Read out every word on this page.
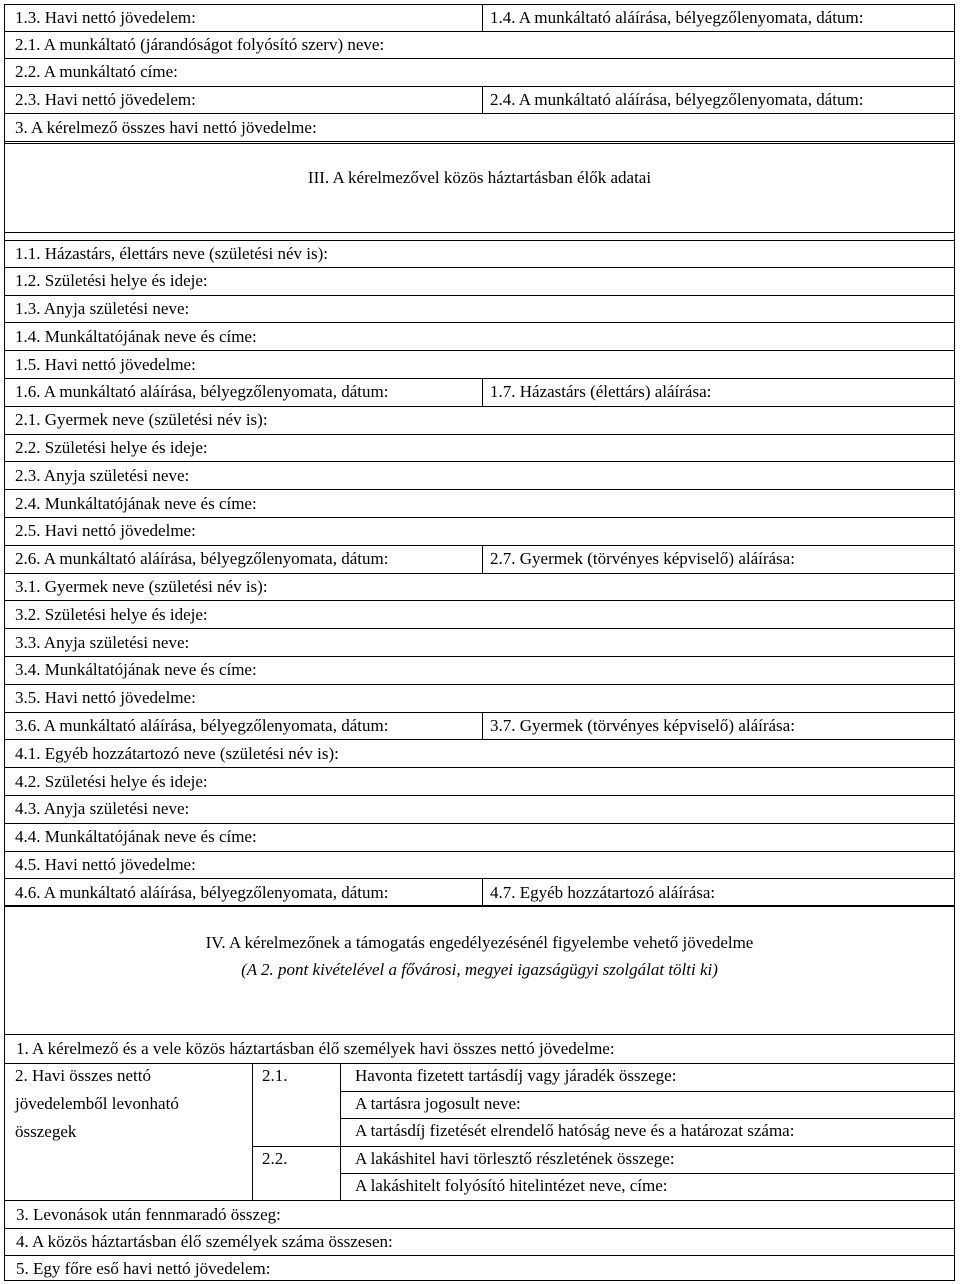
1.3. Havi nettó jövedelem:	1.4. A munkáltató aláírása, bélyegzőlenyomata, dátum:
2.1. A munkáltató (járandóságot folyósító szerv) neve:
2.2. A munkáltató címe:
2.3. Havi nettó jövedelem:	2.4. A munkáltató aláírása, bélyegzőlenyomata, dátum:
3. A kérelmező összes havi nettó jövedelme:
III. A kérelmezővel közös háztartásban élők adatai
1.1. Házastárs, élettárs neve (születési név is):
1.2. Születési helye és ideje:
1.3. Anyja születési neve:
1.4. Munkáltatójának neve és címe:
1.5. Havi nettó jövedelme:
1.6. A munkáltató aláírása, bélyegzőlenyomata, dátum:	1.7. Házastárs (élettárs) aláírása:
2.1. Gyermek neve (születési név is):
2.2. Születési helye és ideje:
2.3. Anyja születési neve:
2.4. Munkáltatójának neve és címe:
2.5. Havi nettó jövedelme:
2.6. A munkáltató aláírása, bélyegzőlenyomata, dátum:	2.7. Gyermek (törvényes képviselő) aláírása:
3.1. Gyermek neve (születési név is):
3.2. Születési helye és ideje:
3.3. Anyja születési neve:
3.4. Munkáltatójának neve és címe:
3.5. Havi nettó jövedelme:
3.6. A munkáltató aláírása, bélyegzőlenyomata, dátum:	3.7. Gyermek (törvényes képviselő) aláírása:
4.1. Egyéb hozzátartozó neve (születési név is):
4.2. Születési helye és ideje:
4.3. Anyja születési neve:
4.4. Munkáltatójának neve és címe:
4.5. Havi nettó jövedelme:
4.6. A munkáltató aláírása, bélyegzőlenyomata, dátum:	4.7. Egyéb hozzátartozó aláírása:
IV. A kérelmezőnek a támogatás engedélyezésénél figyelembe vehető jövedelme
(A 2. pont kivételével a fővárosi, megyei igazságügyi szolgálat tölti ki)
1. A kérelmező és a vele közös háztartásban élő személyek havi összes nettó jövedelme:
2. Havi összes nettó
jövedelemből levonható
összegek
2.1.	Havonta fizetett tartásdíj vagy járadék összege:
A tartásra jogosult neve:
A tartásdíj fizetését elrendelő hatóság neve és a határozat száma:
2.2.	A lakáshitel havi törlesztő részletének összege:
A lakáshitelt folyósító hitelintézet neve, címe:
3. Levonások után fennmaradó összeg:
4. A közös háztartásban élő személyek száma összesen:
5. Egy főre eső havi nettó jövedelem:
